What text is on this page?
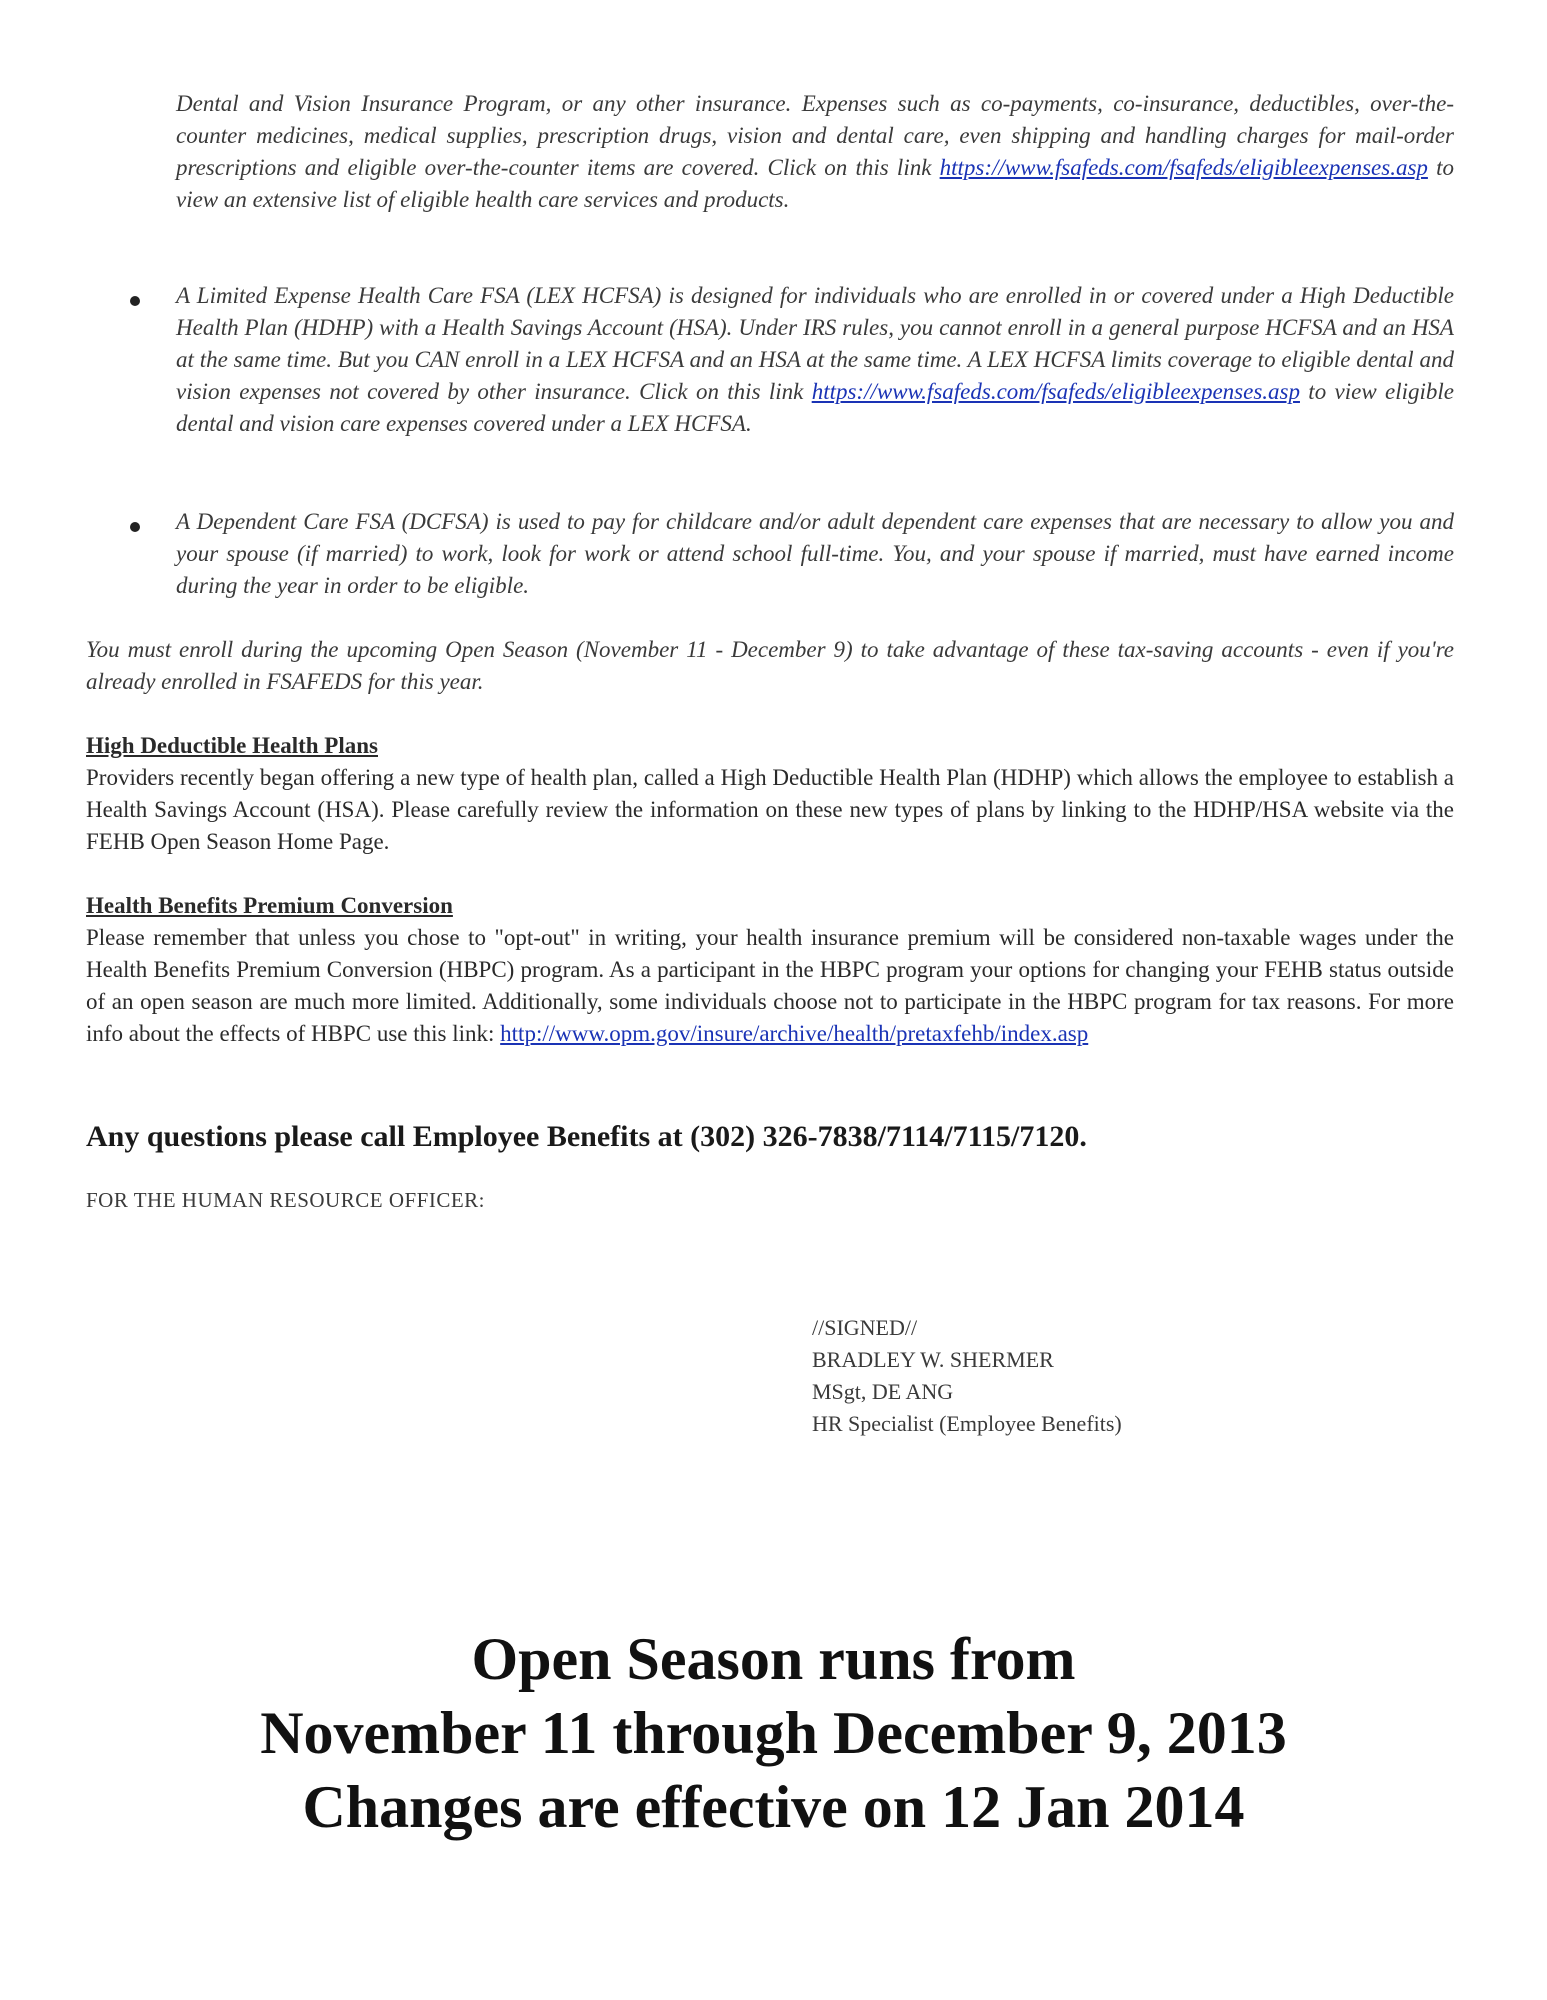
Dental and Vision Insurance Program, or any other insurance. Expenses such as co-payments, co-insurance, deductibles, over-the-counter medicines, medical supplies, prescription drugs, vision and dental care, even shipping and handling charges for mail-order prescriptions and eligible over-the-counter items are covered. Click on this link https://www.fsafeds.com/fsafeds/eligibleexpenses.asp to view an extensive list of eligible health care services and products.

A Limited Expense Health Care FSA (LEX HCFSA) is designed for individuals who are enrolled in or covered under a High Deductible Health Plan (HDHP) with a Health Savings Account (HSA). Under IRS rules, you cannot enroll in a general purpose HCFSA and an HSA at the same time. But you CAN enroll in a LEX HCFSA and an HSA at the same time. A LEX HCFSA limits coverage to eligible dental and vision expenses not covered by other insurance. Click on this link https://www.fsafeds.com/fsafeds/eligibleexpenses.asp to view eligible dental and vision care expenses covered under a LEX HCFSA.

A Dependent Care FSA (DCFSA) is used to pay for childcare and/or adult dependent care expenses that are necessary to allow you and your spouse (if married) to work, look for work or attend school full-time. You, and your spouse if married, must have earned income during the year in order to be eligible.

You must enroll during the upcoming Open Season (November 11 - December 9) to take advantage of these tax-saving accounts - even if you're already enrolled in FSAFEDS for this year.

High Deductible Health Plans
Providers recently began offering a new type of health plan, called a High Deductible Health Plan (HDHP) which allows the employee to establish a Health Savings Account (HSA). Please carefully review the information on these new types of plans by linking to the HDHP/HSA website via the FEHB Open Season Home Page.
Health Benefits Premium Conversion
Please remember that unless you chose to "opt-out" in writing, your health insurance premium will be considered non-taxable wages under the Health Benefits Premium Conversion (HBPC) program. As a participant in the HBPC program your options for changing your FEHB status outside of an open season are much more limited. Additionally, some individuals choose not to participate in the HBPC program for tax reasons. For more info about the effects of HBPC use this link: http://www.opm.gov/insure/archive/health/pretaxfehb/index.asp
Any questions please call Employee Benefits at (302) 326-7838/7114/7115/7120.
FOR THE HUMAN RESOURCE OFFICER:
//SIGNED//
BRADLEY W. SHERMER
MSgt, DE ANG
HR Specialist (Employee Benefits)
Open Season runs from
November 11 through December 9, 2013
Changes are effective on 12 Jan 2014
